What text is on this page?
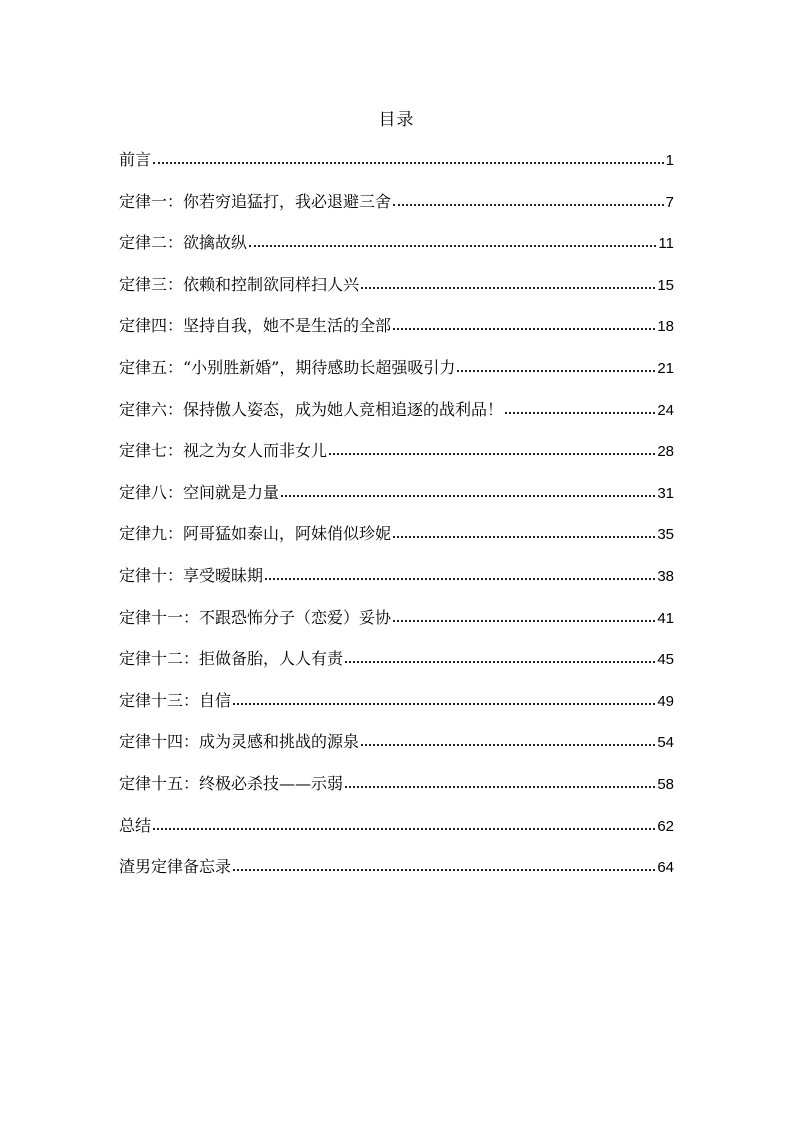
目录
前言	1
定律一：你若穷追猛打，我必退避三舍	7
定律二：欲擒故纵	11
定律三：依赖和控制欲同样扫人兴	15
定律四：坚持自我，她不是生活的全部	18
定律五：“小别胜新婚”，期待感助长超强吸引力	21
定律六：保持傲人姿态，成为她人竞相追逐的战利品！	24
定律七：视之为女人而非女儿	28
定律八：空间就是力量	31
定律九：阿哥猛如泰山，阿妹俏似珍妮	35
定律十：享受暧昧期	38
定律十一：不跟恐怖分子（恋爱）妥协	41
定律十二：拒做备胎，人人有责	45
定律十三：自信	49
定律十四：成为灵感和挑战的源泉	54
定律十五：终极必杀技——示弱	58
总结	62
渣男定律备忘录	64
